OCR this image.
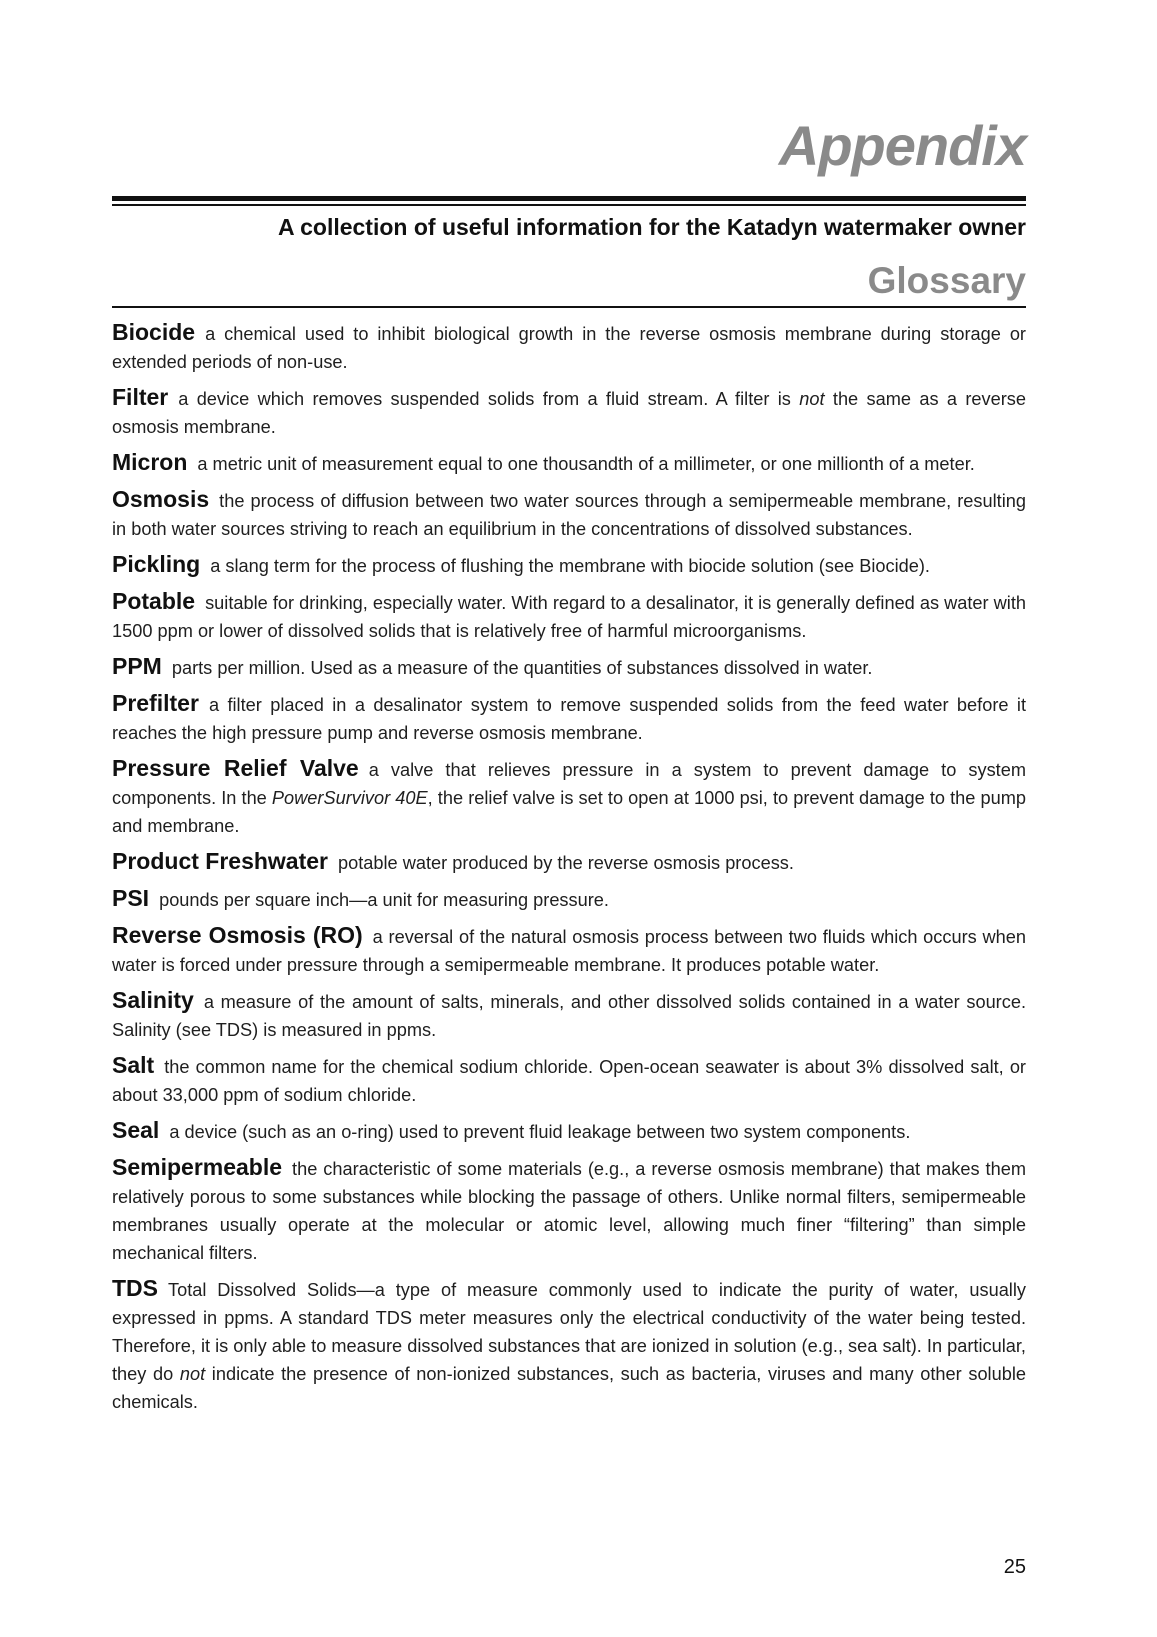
Appendix
A collection of useful information for the Katadyn watermaker owner
Glossary

Biocide a chemical used to inhibit biological growth in the reverse osmosis membrane during storage or extended periods of non-use.

Filter a device which removes suspended solids from a fluid stream. A filter is not the same as a reverse osmosis membrane.

Micron a metric unit of measurement equal to one thousandth of a millimeter, or one millionth of a meter.

Osmosis the process of diffusion between two water sources through a semipermeable membrane, resulting in both water sources striving to reach an equilibrium in the concentrations of dissolved substances.

Pickling a slang term for the process of flushing the membrane with biocide solution (see Biocide).

Potable suitable for drinking, especially water. With regard to a desalinator, it is generally defined as water with 1500 ppm or lower of dissolved solids that is relatively free of harmful microorganisms.

PPM parts per million. Used as a measure of the quantities of substances dissolved in water.

Prefilter a filter placed in a desalinator system to remove suspended solids from the feed water before it reaches the high pressure pump and reverse osmosis membrane.

Pressure Relief Valve a valve that relieves pressure in a system to prevent damage to system components. In the PowerSurvivor 40E, the relief valve is set to open at 1000 psi, to prevent damage to the pump and membrane.

Product Freshwater potable water produced by the reverse osmosis process.

PSI pounds per square inch—a unit for measuring pressure.

Reverse Osmosis (RO) a reversal of the natural osmosis process between two fluids which occurs when water is forced under pressure through a semipermeable membrane. It produces potable water.

Salinity a measure of the amount of salts, minerals, and other dissolved solids contained in a water source. Salinity (see TDS) is measured in ppms.

Salt the common name for the chemical sodium chloride. Open-ocean seawater is about 3% dissolved salt, or about 33,000 ppm of sodium chloride.

Seal a device (such as an o-ring) used to prevent fluid leakage between two system components.

Semipermeable the characteristic of some materials (e.g., a reverse osmosis membrane) that makes them relatively porous to some substances while blocking the passage of others. Unlike normal filters, semipermeable membranes usually operate at the molecular or atomic level, allowing much finer “filtering” than simple mechanical filters.

TDS Total Dissolved Solids—a type of measure commonly used to indicate the purity of water, usually expressed in ppms. A standard TDS meter measures only the electrical conductivity of the water being tested. Therefore, it is only able to measure dissolved substances that are ionized in solution (e.g., sea salt). In particular, they do not indicate the presence of non-ionized substances, such as bacteria, viruses and many other soluble chemicals.

25
